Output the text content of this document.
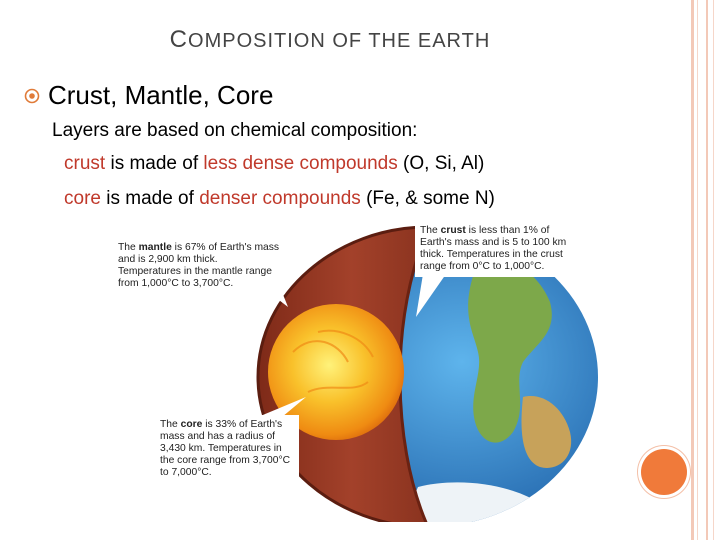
COMPOSITION OF THE EARTH
Crust, Mantle, Core
Layers are based on chemical composition:
crust is made of less dense compounds (O, Si, Al)
core is made of denser compounds (Fe, & some N)
The mantle is 67% of Earth's mass and is 2,900 km thick. Temperatures in the mantle range from 1,000°C to 3,700°C.
The crust is less than 1% of Earth's mass and is 5 to 100 km thick. Temperatures in the crust range from 0°C to 1,000°C.
The core is 33% of Earth's mass and has a radius of 3,430 km. Temperatures in the core range from 3,700°C to 7,000°C.
